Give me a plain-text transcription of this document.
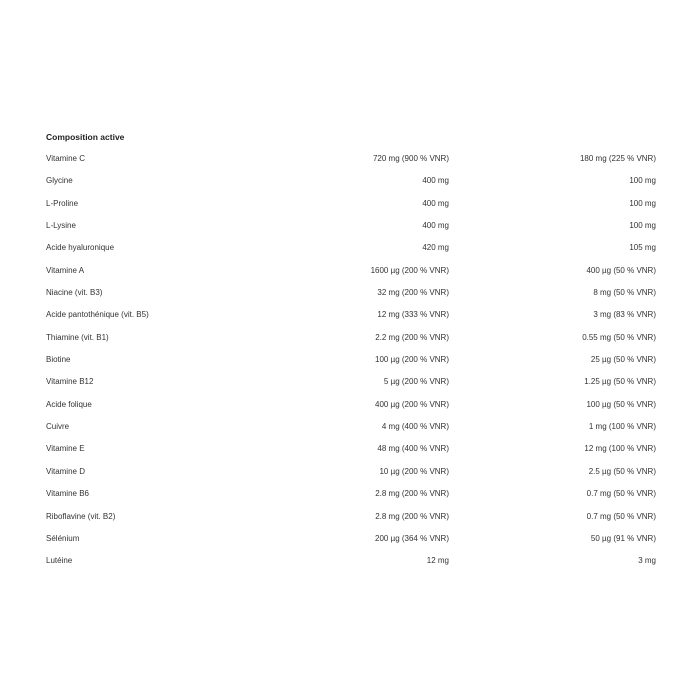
Composition active
Vitamine C	720 mg (900 % VNR)	180 mg (225 % VNR)
Glycine	400 mg	100 mg
L-Proline	400 mg	100 mg
L-Lysine	400 mg	100 mg
Acide hyaluronique	420 mg	105 mg
Vitamine A	1600 µg (200 % VNR)	400 µg (50 % VNR)
Niacine (vit. B3)	32 mg (200 % VNR)	8 mg (50 % VNR)
Acide pantothénique (vit. B5)	12 mg (333 % VNR)	3 mg (83 % VNR)
Thiamine (vit. B1)	2.2 mg (200 % VNR)	0.55 mg (50 % VNR)
Biotine	100 µg (200 % VNR)	25 µg (50 % VNR)
Vitamine B12	5 µg (200 % VNR)	1.25 µg (50 % VNR)
Acide folique	400 µg (200 % VNR)	100 µg (50 % VNR)
Cuivre	4 mg (400 % VNR)	1 mg (100 % VNR)
Vitamine E	48 mg (400 % VNR)	12 mg (100 % VNR)
Vitamine D	10 µg (200 % VNR)	2.5 µg (50 % VNR)
Vitamine B6	2.8 mg (200 % VNR)	0.7 mg (50 % VNR)
Riboflavine (vit. B2)	2.8 mg (200 % VNR)	0.7 mg (50 % VNR)
Sélénium	200 µg (364 % VNR)	50 µg (91 % VNR)
Lutéine	12 mg	3 mg
